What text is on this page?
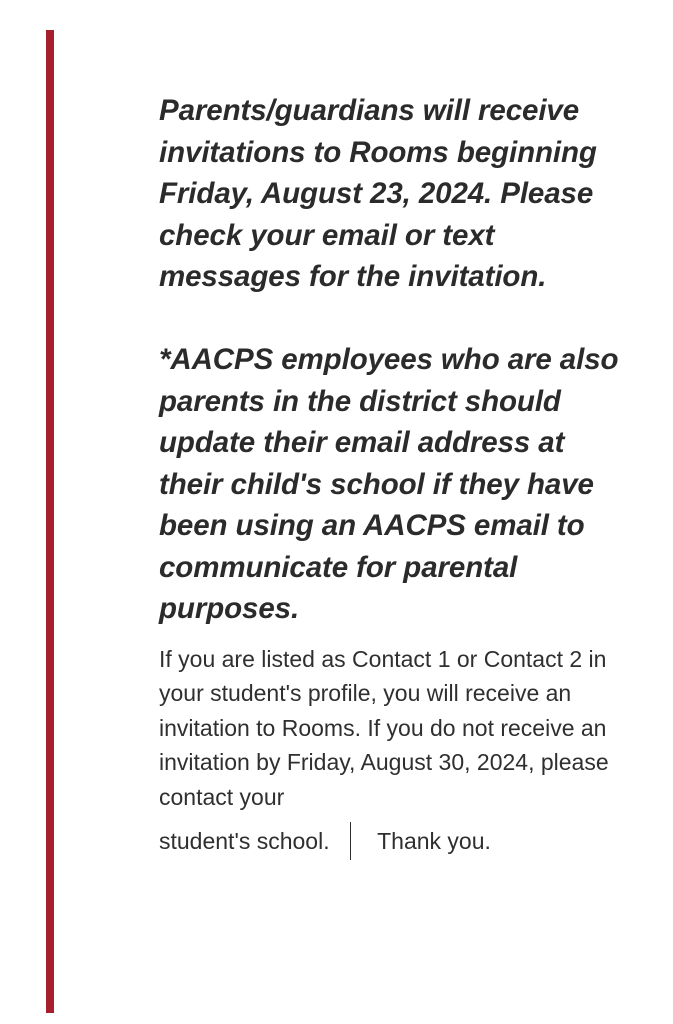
Parents/guardians will receive invitations to Rooms beginning Friday, August 23, 2024. Please check your email or text messages for the invitation.

*AACPS employees who are also parents in the district should update their email address at their child's school if they have been using an AACPS email to communicate for parental purposes.

If you are listed as Contact 1 or Contact 2 in your student's profile, you will receive an invitation to Rooms. If you do not receive an invitation by Friday, August 30, 2024, please contact your

student's school. Thank you.
